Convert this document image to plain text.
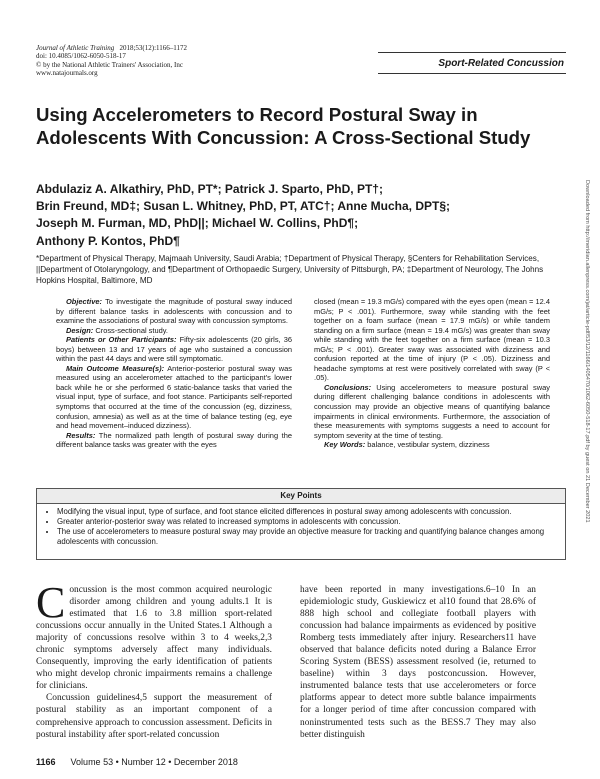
Journal of Athletic Training 2018;53(12):1166–1172
doi: 10.4085/1062-6050-518-17
© by the National Athletic Trainers' Association, Inc
www.natajournals.org
Sport-Related Concussion
Using Accelerometers to Record Postural Sway in Adolescents With Concussion: A Cross-Sectional Study
Abdulaziz A. Alkathiry, PhD, PT*; Patrick J. Sparto, PhD, PT†;
Brin Freund, MD‡; Susan L. Whitney, PhD, PT, ATC†; Anne Mucha, DPT§;
Joseph M. Furman, MD, PhD||; Michael W. Collins, PhD¶;
Anthony P. Kontos, PhD¶
*Department of Physical Therapy, Majmaah University, Saudi Arabia; †Department of Physical Therapy, §Centers for Rehabilitation Services, ||Department of Otolaryngology, and ¶Department of Orthopaedic Surgery, University of Pittsburgh, PA; ‡Department of Neurology, The Johns Hopkins Hospital, Baltimore, MD

Objective: To investigate the magnitude of postural sway induced by different balance tasks in adolescents with concussion and to examine the associations of postural sway with concussion symptoms.

Design: Cross-sectional study.

Patients or Other Participants: Fifty-six adolescents (20 girls, 36 boys) between 13 and 17 years of age who sustained a concussion within the past 44 days and were still symptomatic.

Main Outcome Measure(s): Anterior-posterior postural sway was measured using an accelerometer attached to the participant's lower back while he or she performed 6 static-balance tasks that varied the visual input, type of surface, and foot stance. Participants self-reported symptoms that occurred at the time of the concussion (eg, dizziness, confusion, amnesia) as well as at the time of balance testing (eg, eye and head movement–induced dizziness).

Results: The normalized path length of postural sway during the different balance tasks was greater with the eyes

closed (mean = 19.3 mG/s) compared with the eyes open (mean = 12.4 mG/s; P < .001). Furthermore, sway while standing with the feet together on a foam surface (mean = 17.9 mG/s) or while tandem standing on a firm surface (mean = 19.4 mG/s) was greater than sway while standing with the feet together on a firm surface (mean = 10.3 mG/s; P < .001). Greater sway was associated with dizziness and confusion reported at the time of injury (P < .05). Dizziness and headache symptoms at rest were positively correlated with sway (P < .05).

Conclusions: Using accelerometers to measure postural sway during different challenging balance conditions in adolescents with concussion may provide an objective means of quantifying balance impairments in clinical environments. Furthermore, the association of these measurements with symptoms suggests a need to account for symptom severity at the time of testing.

Key Words: balance, vestibular system, dizziness

Key Points
• Modifying the visual input, type of surface, and foot stance elicited differences in postural sway among adolescents with concussion.
• Greater anterior-posterior sway was related to increased symptoms in adolescents with concussion.
• The use of accelerometers to measure postural sway may provide an objective measure for tracking and quantifying balance changes among adolescents with concussion.

Concussion is the most common acquired neurologic disorder among children and young adults.1 It is estimated that 1.6 to 3.8 million sport-related concussions occur annually in the United States.1 Although a majority of concussions resolve within 3 to 4 weeks,2,3 chronic symptoms adversely affect many individuals. Consequently, improving the early identification of patients who might develop chronic impairments remains a challenge for clinicians.

Concussion guidelines4,5 support the measurement of postural stability as an important component of a comprehensive approach to concussion assessment. Deficits in postural instability after sport-related concussion

have been reported in many investigations.6–10 In an epidemiologic study, Guskiewicz et al10 found that 28.6% of 888 high school and collegiate football players with concussion had balance impairments as evidenced by positive Romberg tests immediately after injury. Researchers11 have observed that balance deficits noted during a Balance Error Scoring System (BESS) assessment resolved (ie, returned to baseline) within 3 days postconcussion. However, instrumented balance tests that use accelerometers or force platforms appear to detect more subtle balance impairments for a longer period of time after concussion compared with noninstrumented tests such as the BESS.7 They may also better distinguish

1166 Volume 53 • Number 12 • December 2018
Downloaded from http://meridian.allenpress.com/jat/article-pdf/53/12/1166/1405470/1062-6050-518-17.pdf by guest on 21 December 2021
